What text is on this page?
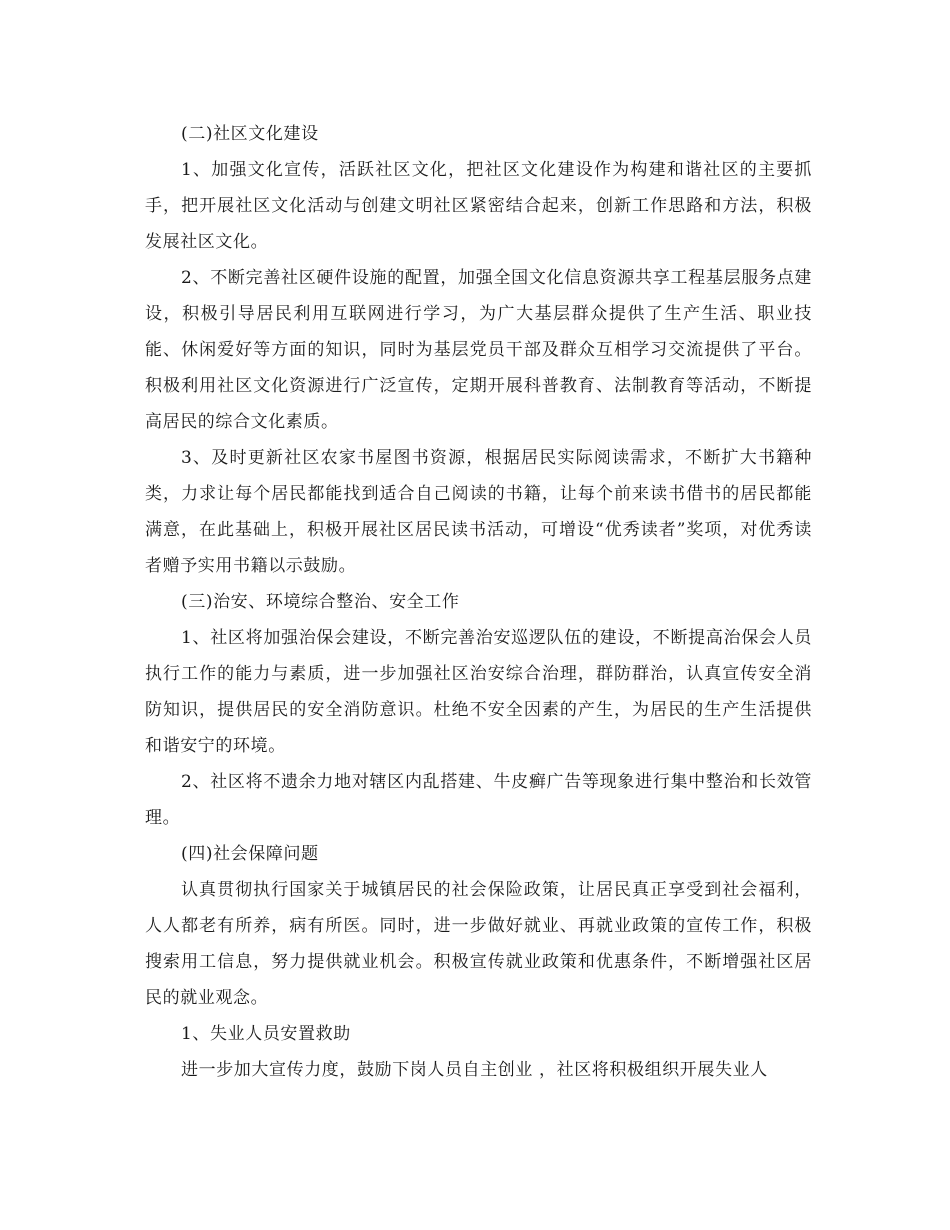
(二)社区文化建设

1、加强文化宣传，活跃社区文化，把社区文化建设作为构建和谐社区的主要抓手，把开展社区文化活动与创建文明社区紧密结合起来，创新工作思路和方法，积极发展社区文化。

2、不断完善社区硬件设施的配置，加强全国文化信息资源共享工程基层服务点建设，积极引导居民利用互联网进行学习，为广大基层群众提供了生产生活、职业技能、休闲爱好等方面的知识，同时为基层党员干部及群众互相学习交流提供了平台。积极利用社区文化资源进行广泛宣传，定期开展科普教育、法制教育等活动，不断提高居民的综合文化素质。

3、及时更新社区农家书屋图书资源，根据居民实际阅读需求，不断扩大书籍种类，力求让每个居民都能找到适合自己阅读的书籍，让每个前来读书借书的居民都能满意，在此基础上，积极开展社区居民读书活动，可增设“优秀读者”奖项，对优秀读者赠予实用书籍以示鼓励。

(三)治安、环境综合整治、安全工作

1、社区将加强治保会建设，不断完善治安巡逻队伍的建设，不断提高治保会人员执行工作的能力与素质，进一步加强社区治安综合治理，群防群治，认真宣传安全消防知识，提供居民的安全消防意识。杜绝不安全因素的产生，为居民的生产生活提供和谐安宁的环境。

2、社区将不遗余力地对辖区内乱搭建、牛皮癣广告等现象进行集中整治和长效管理。

(四)社会保障问题

认真贯彻执行国家关于城镇居民的社会保险政策，让居民真正享受到社会福利，人人都老有所养，病有所医。同时，进一步做好就业、再就业政策的宣传工作，积极搜索用工信息，努力提供就业机会。积极宣传就业政策和优惠条件，不断增强社区居民的就业观念。

1、失业人员安置救助

进一步加大宣传力度，鼓励下岗人员自主创业 ，社区将积极组织开展失业人
